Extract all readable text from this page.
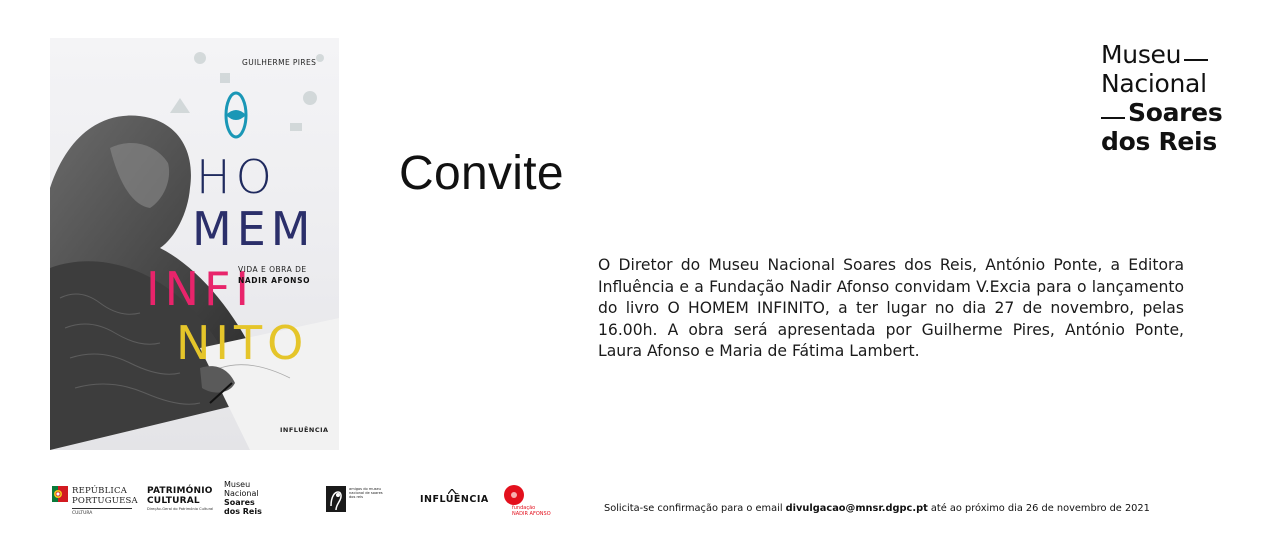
GUILHERME PIRES
HO
MEM
INFI
NITO
VIDA E OBRA DE
NADIR AFONSO
INFLUÊNCIA
Convite

O Diretor do Museu Nacional Soares dos Reis, António Ponte, a Editora Influência e a Fundação Nadir Afonso convidam V.Excia para o lançamento do livro O HOMEM INFINITO, a ter lugar no dia 27 de novembro, pelas 16.00h. A obra será apresentada por Guilherme Pires, António Ponte, Laura Afonso e Maria de Fátima Lambert.

Museu
Nacional
Soares
dos Reis
REPÚBLICA
PORTUGUESA
CULTURA
PATRIMÓNIO
CULTURAL
Direção-Geral do Património Cultural
Museu
Nacional
Soares
dos Reis
amigos do museu nacional de soares dos reis	INFLUÊNCIA
fundação
NADIR AFONSO	Solicita-se confirmação para o email divulgacao@mnsr.dgpc.pt até ao próximo dia 26 de novembro de 2021
